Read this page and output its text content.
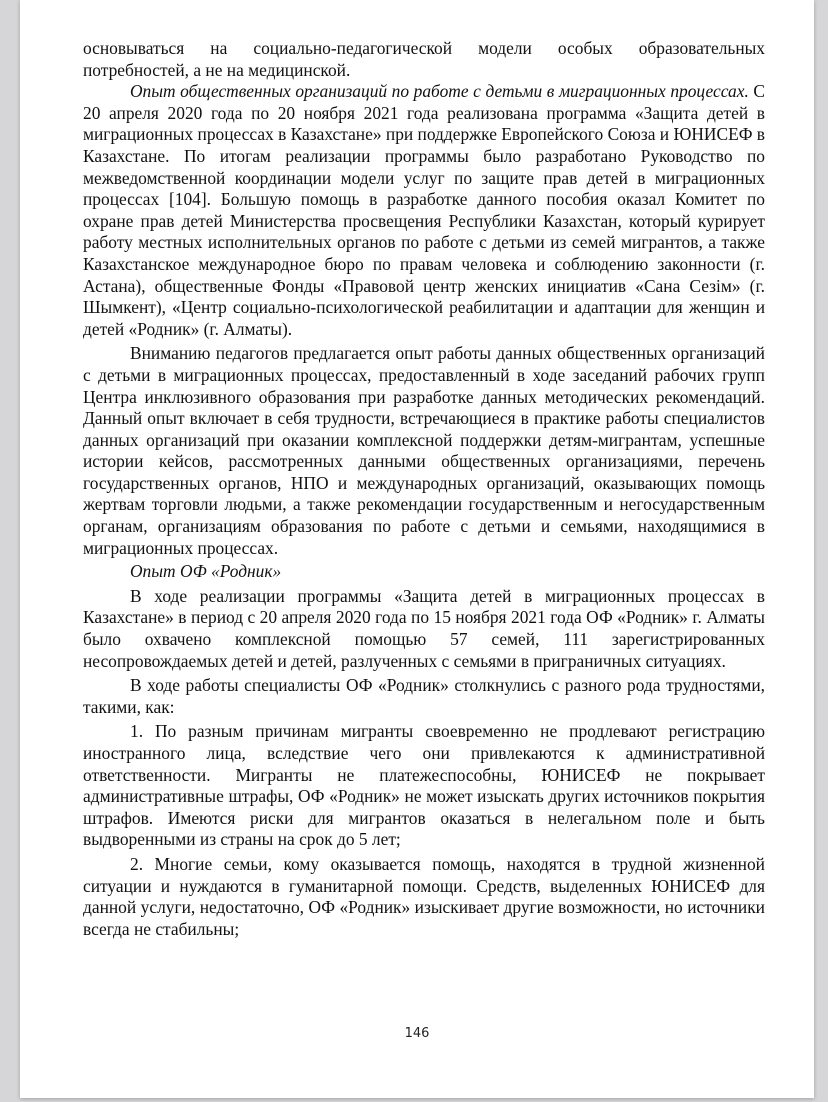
основываться на социально-педагогической модели особых образовательных потребностей, а не на медицинской.

Опыт общественных организаций по работе с детьми в миграционных процессах. С 20 апреля 2020 года по 20 ноября 2021 года реализована программа «Защита детей в миграционных процессах в Казахстане» при поддержке Европейского Союза и ЮНИСЕФ в Казахстане. По итогам реализации программы было разработано Руководство по межведомственной координации модели услуг по защите прав детей в миграционных процессах [104]. Большую помощь в разработке данного пособия оказал Комитет по охране прав детей Министерства просвещения Республики Казахстан, который курирует работу местных исполнительных органов по работе с детьми из семей мигрантов, а также Казахстанское международное бюро по правам человека и соблюдению законности (г. Астана), общественные Фонды «Правовой центр женских инициатив «Сана Сезім» (г. Шымкент), «Центр социально-психологической реабилитации и адаптации для женщин и детей «Родник» (г. Алматы).

Вниманию педагогов предлагается опыт работы данных общественных организаций с детьми в миграционных процессах, предоставленный в ходе заседаний рабочих групп Центра инклюзивного образования при разработке данных методических рекомендаций. Данный опыт включает в себя трудности, встречающиеся в практике работы специалистов данных организаций при оказании комплексной поддержки детям-мигрантам, успешные истории кейсов, рассмотренных данными общественных организациями, перечень государственных органов, НПО и международных организаций, оказывающих помощь жертвам торговли людьми, а также рекомендации государственным и негосударственным органам, организациям образования по работе с детьми и семьями, находящимися в миграционных процессах.

Опыт ОФ «Родник»

В ходе реализации программы «Защита детей в миграционных процессах в Казахстане» в период с 20 апреля 2020 года по 15 ноября 2021 года ОФ «Родник» г. Алматы было охвачено комплексной помощью 57 семей, 111 зарегистрированных несопровождаемых детей и детей, разлученных с семьями в приграничных ситуациях.

В ходе работы специалисты ОФ «Родник» столкнулись с разного рода трудностями, такими, как:

1. По разным причинам мигранты своевременно не продлевают регистрацию иностранного лица, вследствие чего они привлекаются к административной ответственности. Мигранты не платежеспособны, ЮНИСЕФ не покрывает административные штрафы, ОФ «Родник» не может изыскать других источников покрытия штрафов. Имеются риски для мигрантов оказаться в нелегальном поле и быть выдворенными из страны на срок до 5 лет;

2. Многие семьи, кому оказывается помощь, находятся в трудной жизненной ситуации и нуждаются в гуманитарной помощи. Средств, выделенных ЮНИСЕФ для данной услуги, недостаточно, ОФ «Родник» изыскивает другие возможности, но источники всегда не стабильны;

146
